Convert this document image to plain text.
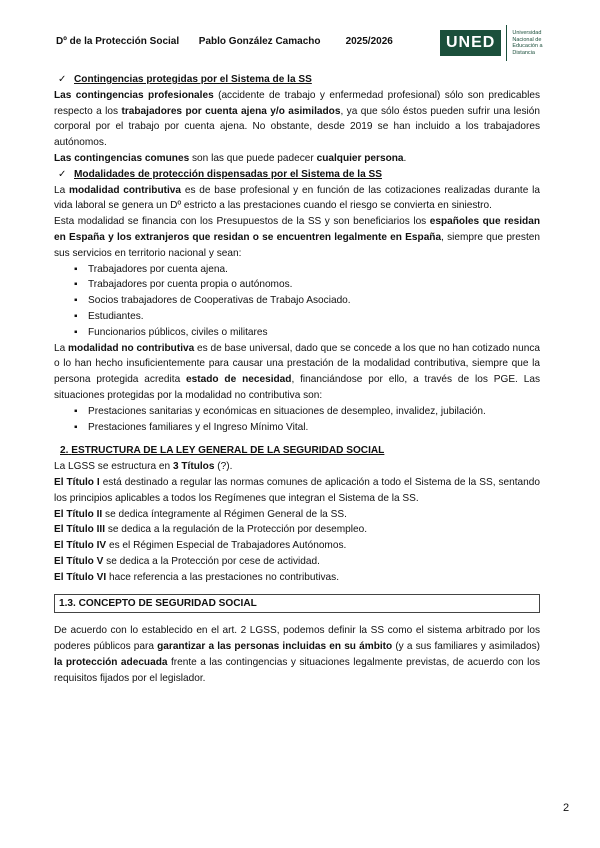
Dº de la Protección Social Pablo González Camacho	2025/2026	UNED
Universidad Nacional de Educación a Distancia

✓ Contingencias protegidas por el Sistema de la SS

Las contingencias profesionales (accidente de trabajo y enfermedad profesional) sólo son predicables respecto a los trabajadores por cuenta ajena y/o asimilados, ya que sólo éstos pueden sufrir una lesión corporal por el trabajo por cuenta ajena. No obstante, desde 2019 se han incluido a los trabajadores autónomos.

Las contingencias comunes son las que puede padecer cualquier persona.

✓ Modalidades de protección dispensadas por el Sistema de la SS

La modalidad contributiva es de base profesional y en función de las cotizaciones realizadas durante la vida laboral se genera un Dº estricto a las prestaciones cuando el riesgo se convierta en siniestro.

Esta modalidad se financia con los Presupuestos de la SS y son beneficiarios los españoles que residan en España y los extranjeros que residan o se encuentren legalmente en España, siempre que presten sus servicios en territorio nacional y sean:

▪ Trabajadores por cuenta ajena.
▪ Trabajadores por cuenta propia o autónomos.
▪ Socios trabajadores de Cooperativas de Trabajo Asociado.
▪ Estudiantes.
▪ Funcionarios públicos, civiles o militares

La modalidad no contributiva es de base universal, dado que se concede a los que no han cotizado nunca o lo han hecho insuficientemente para causar una prestación de la modalidad contributiva, siempre que la persona protegida acredita estado de necesidad, financiándose por ello, a través de los PGE. Las situaciones protegidas por la modalidad no contributiva son:

▪ Prestaciones sanitarias y económicas en situaciones de desempleo, invalidez, jubilación.
▪ Prestaciones familiares y el Ingreso Mínimo Vital.

2. ESTRUCTURA DE LA LEY GENERAL DE LA SEGURIDAD SOCIAL

La LGSS se estructura en 3 Títulos (?).

El Título I está destinado a regular las normas comunes de aplicación a todo el Sistema de la SS, sentando los principios aplicables a todos los Regímenes que integran el Sistema de la SS.

El Título II se dedica íntegramente al Régimen General de la SS.

El Título III se dedica a la regulación de la Protección por desempleo.

El Título IV es el Régimen Especial de Trabajadores Autónomos.

El Título V se dedica a la Protección por cese de actividad.

El Título VI hace referencia a las prestaciones no contributivas.

1.3. CONCEPTO DE SEGURIDAD SOCIAL

De acuerdo con lo establecido en el art. 2 LGSS, podemos definir la SS como el sistema arbitrado por los poderes públicos para garantizar a las personas incluidas en su ámbito (y a sus familiares y asimilados) la protección adecuada frente a las contingencias y situaciones legalmente previstas, de acuerdo con los requisitos fijados por el legislador.

2
